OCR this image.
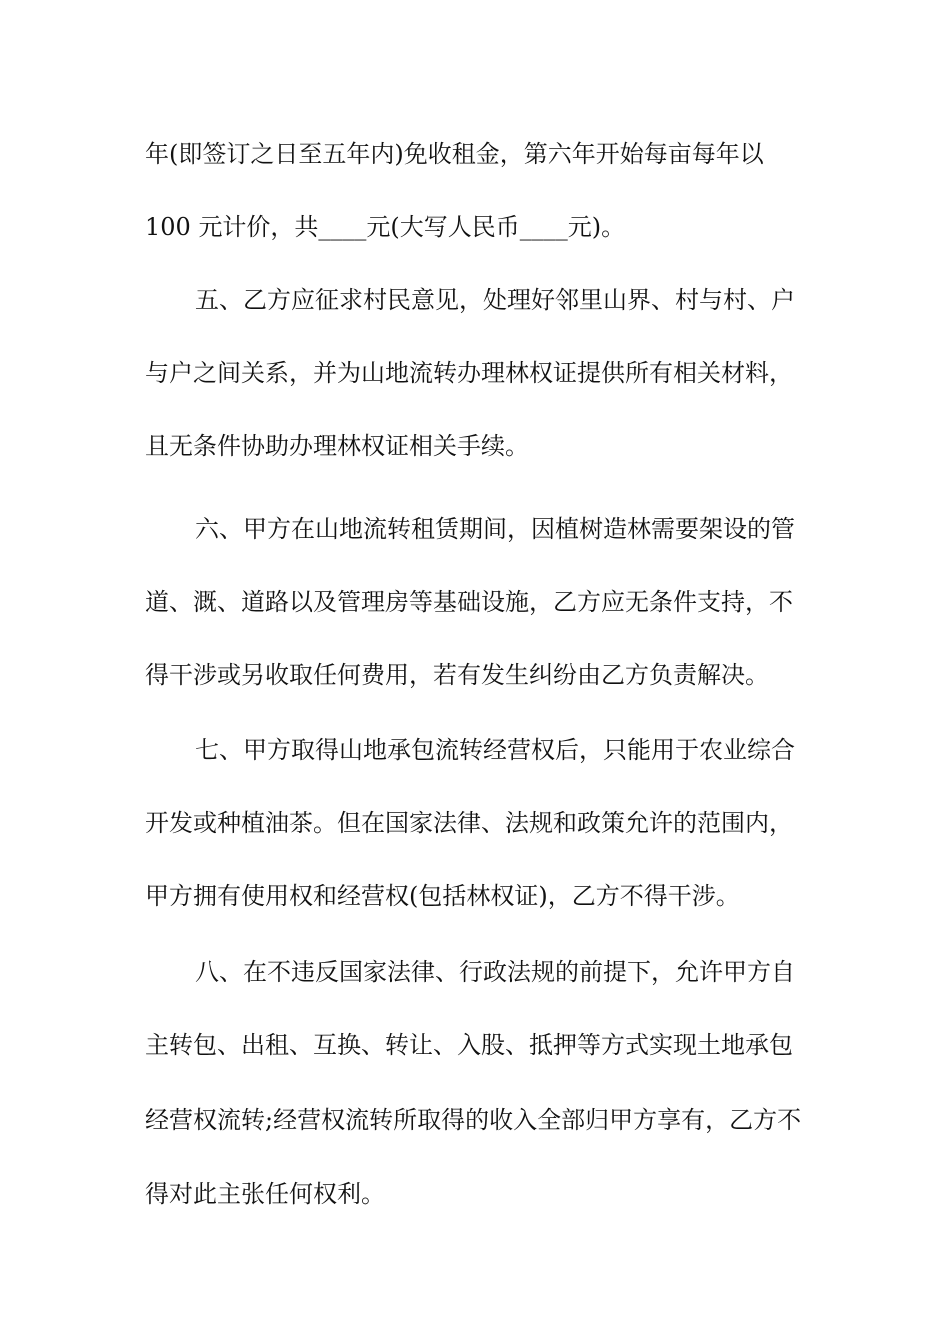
年(即签订之日至五年内)免收租金，第六年开始每亩每年以
100 元计价，共____元(大写人民币____元)。
五、乙方应征求村民意见，处理好邻里山界、村与村、户
与户之间关系，并为山地流转办理林权证提供所有相关材料，
且无条件协助办理林权证相关手续。
六、甲方在山地流转租赁期间，因植树造林需要架设的管
道、溉、道路以及管理房等基础设施，乙方应无条件支持，不
得干涉或另收取任何费用，若有发生纠纷由乙方负责解决。
七、甲方取得山地承包流转经营权后，只能用于农业综合
开发或种植油茶。但在国家法律、法规和政策允许的范围内，
甲方拥有使用权和经营权(包括林权证)，乙方不得干涉。
八、在不违反国家法律、行政法规的前提下，允许甲方自
主转包、出租、互换、转让、入股、抵押等方式实现土地承包
经营权流转;经营权流转所取得的收入全部归甲方享有，乙方不
得对此主张任何权利。
